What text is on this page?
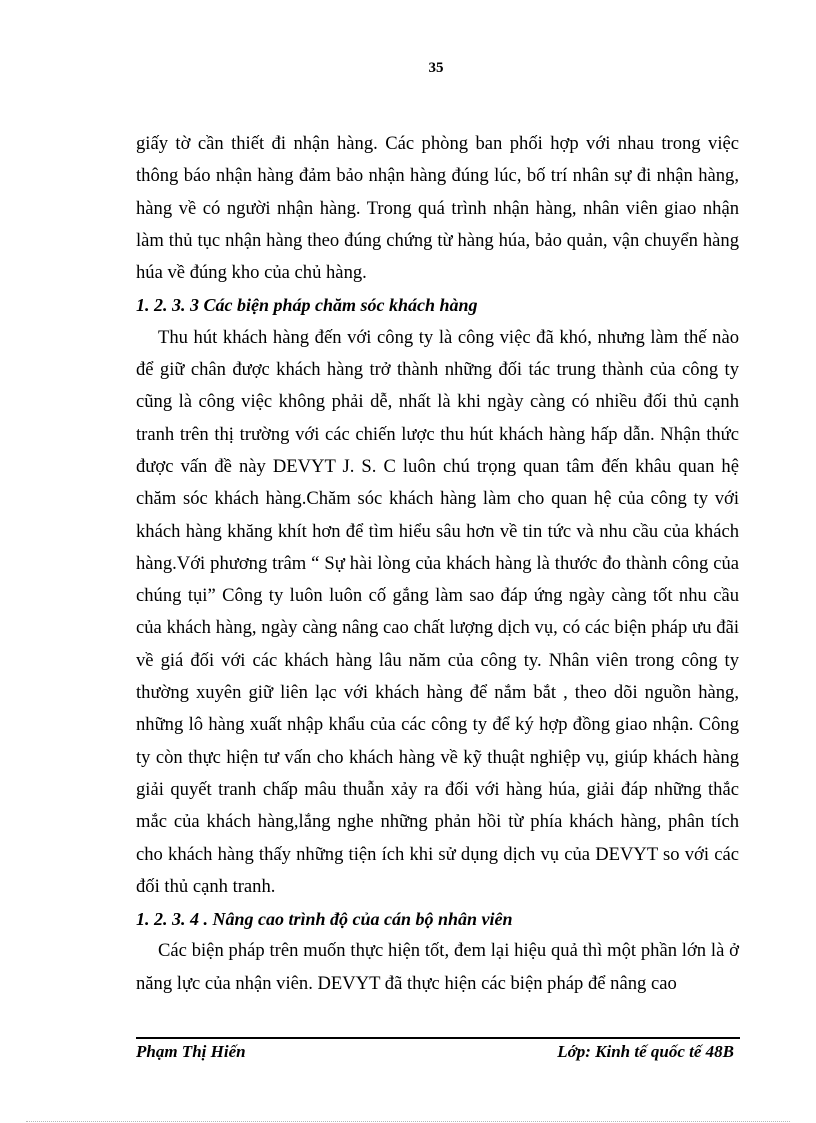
35

giấy tờ cần thiết đi nhận hàng. Các phòng ban phối hợp với nhau trong việc thông báo nhận hàng đảm bảo nhận hàng đúng lúc, bố trí nhân sự đi nhận hàng, hàng về có người nhận hàng. Trong quá trình nhận hàng, nhân viên giao nhận làm thủ tục nhận hàng theo đúng chứng từ hàng húa, bảo quản, vận chuyển hàng húa về đúng kho của chủ hàng.

1. 2. 3. 3 Các biện pháp chăm sóc khách hàng

Thu hút khách hàng đến với công ty là công việc đã khó, nhưng làm thế nào để giữ chân được khách hàng trở thành những đối tác trung thành của công ty cũng là công việc không phải dễ, nhất là khi ngày càng có nhiều đối thủ cạnh tranh trên thị trường với các chiến lược thu hút khách hàng hấp dẫn. Nhận thức được vấn đề này DEVYT J. S. C luôn chú trọng quan tâm đến khâu quan hệ chăm sóc khách hàng.Chăm sóc khách hàng làm cho quan hệ của công ty với khách hàng khăng khít hơn để tìm hiểu sâu hơn về tin tức và nhu cầu của khách hàng.Với phương trâm “ Sự hài lòng của khách hàng là thước đo thành công của chúng tụi” Công ty luôn luôn cố gắng làm sao đáp ứng ngày càng tốt nhu cầu của khách hàng, ngày càng nâng cao chất lượng dịch vụ, có các biện pháp ưu đãi về giá đối với các khách hàng lâu năm của công ty. Nhân viên trong công ty thường xuyên giữ liên lạc với khách hàng để nắm bắt , theo dõi nguồn hàng, những lô hàng xuất nhập khẩu của các công ty để ký hợp đồng giao nhận. Công ty còn thực hiện tư vấn cho khách hàng về kỹ thuật nghiệp vụ, giúp khách hàng giải quyết tranh chấp mâu thuẫn xảy ra đối với hàng húa, giải đáp những thắc mắc của khách hàng,lắng nghe những phản hồi từ phía khách hàng, phân tích cho khách hàng thấy những tiện ích khi sử dụng dịch vụ của DEVYT so với các đối thủ cạnh tranh.

1. 2. 3. 4 . Nâng cao trình độ của cán bộ nhân viên

Các biện pháp trên muốn thực hiện tốt, đem lại hiệu quả thì một phần lớn là ở năng lực của nhận viên. DEVYT đã thực hiện các biện pháp để nâng cao

Phạm Thị Hiến	Lớp: Kinh tế quốc tế 48B
